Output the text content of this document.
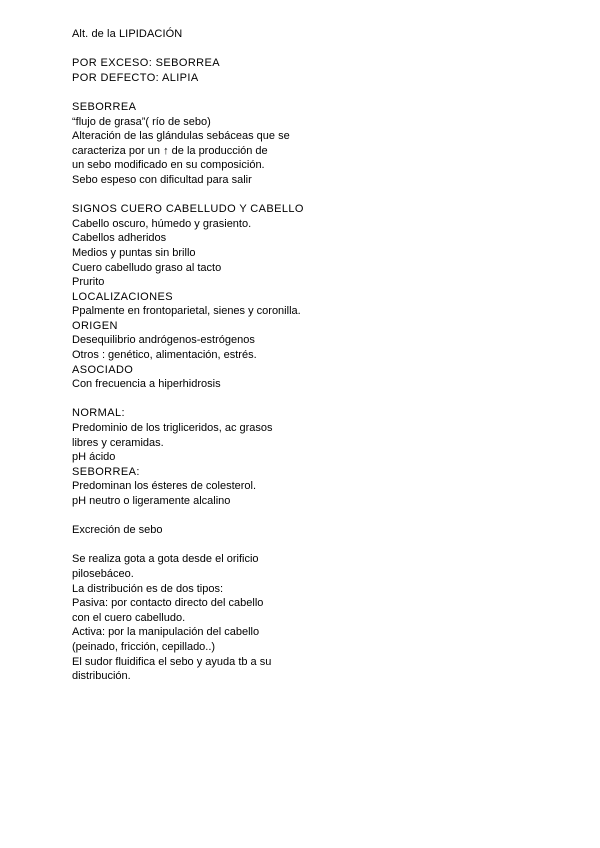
Alt. de la LIPIDACIÓN
POR EXCESO: SEBORREA
POR DEFECTO: ALIPIA
SEBORREA
“flujo de grasa”( río de sebo)
Alteración de las glándulas sebáceas que se
caracteriza por un ↑ de la producción de
un sebo modificado en su composición.
Sebo espeso con dificultad para salir
SIGNOS CUERO CABELLUDO Y CABELLO
Cabello oscuro, húmedo y grasiento.
Cabellos adheridos
Medios y puntas sin brillo
Cuero cabelludo graso al tacto
Prurito
LOCALIZACIONES
Ppalmente en frontoparietal, sienes y coronilla.
ORIGEN
Desequilibrio andrógenos-estrógenos
Otros : genético, alimentación, estrés.
ASOCIADO
Con frecuencia a hiperhidrosis
NORMAL:
Predominio de los trigliceridos, ac grasos
libres y ceramidas.
pH ácido
SEBORREA:
Predominan los ésteres de colesterol.
pH neutro o ligeramente alcalino
Excreción de sebo
Se realiza gota a gota desde el orificio
pilosebáceo.
La distribución es de dos tipos:
Pasiva: por contacto directo del cabello
con el cuero cabelludo.
Activa: por la manipulación del cabello
(peinado, fricción, cepillado..)
El sudor fluidifica el sebo y ayuda tb a su
distribución.
